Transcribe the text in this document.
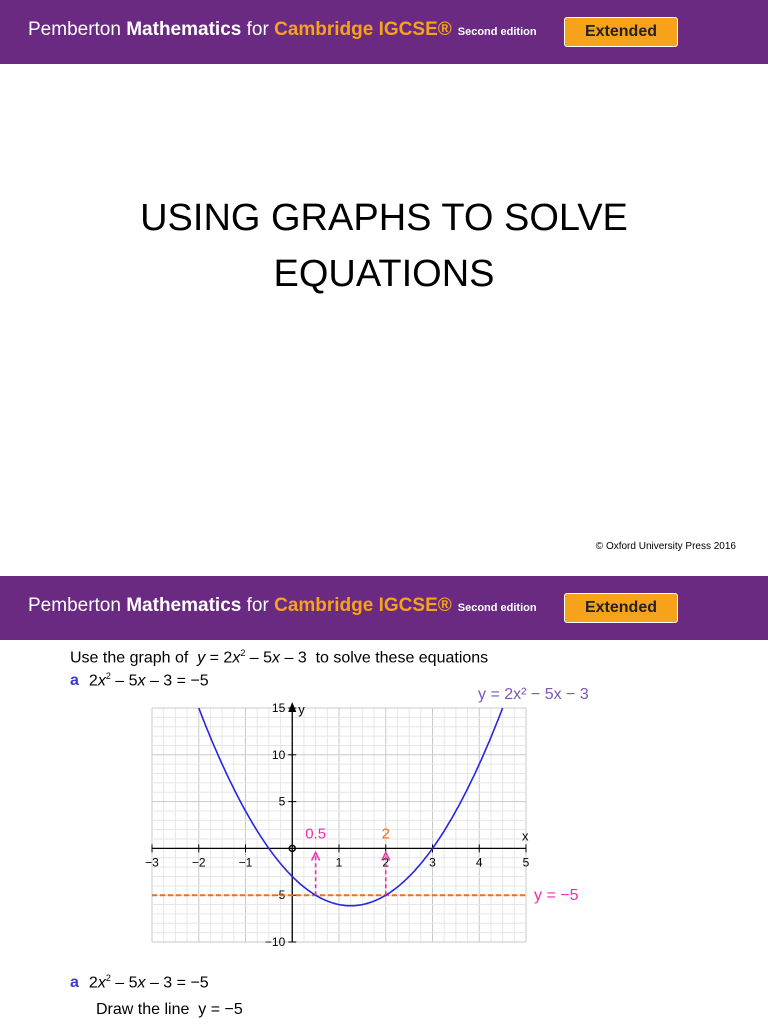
Pemberton Mathematics for Cambridge IGCSE® Second edition	Extended
USING GRAPHS TO SOLVE
EQUATIONS
© Oxford University Press 2016
Pemberton Mathematics for Cambridge IGCSE® Second edition	Extended
Use the graph of $y = 2x^2 - 5x - 3$  to solve these equations
a $2x^2 - 5x - 3 = -5$
y = 2x² − 5x − 3
y = −5
−3	−2	−1	1	2	3	4	5
−10
−5
5
10
15
x
y
0.5	2
a $2x^2 - 5x - 3 = -5$
Draw the line y = −5
